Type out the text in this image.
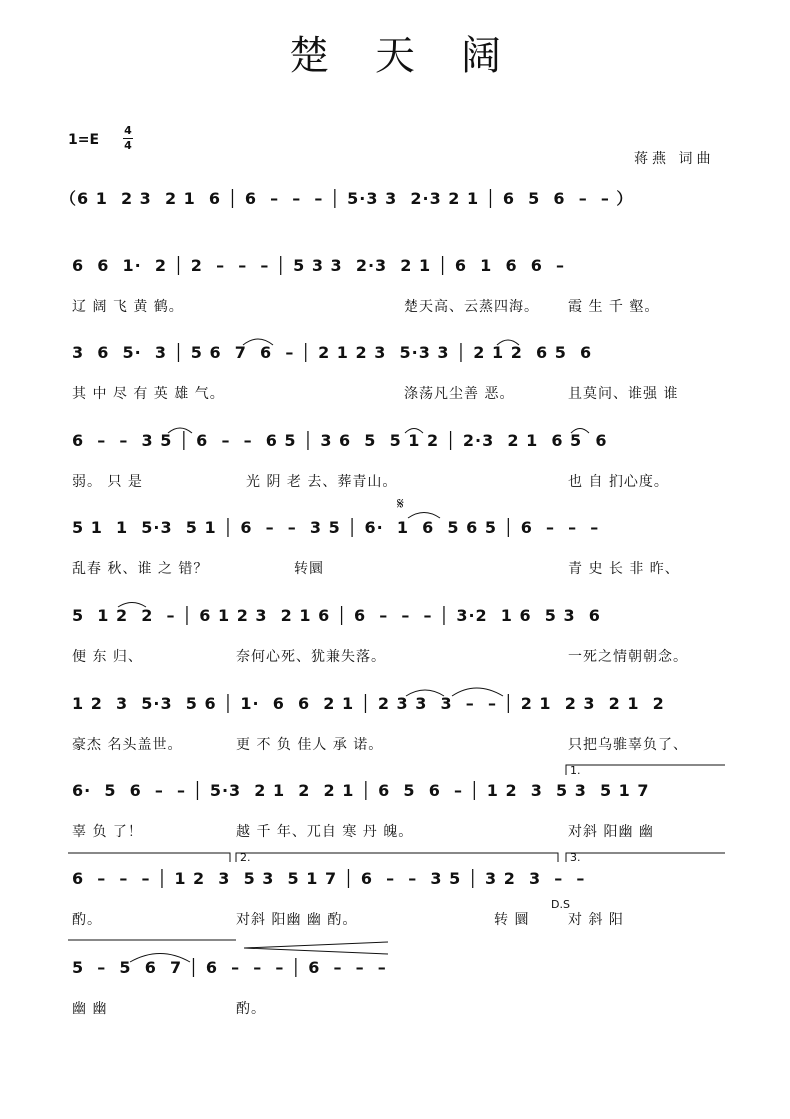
楚天阔
1=E
4
4
蒋燕 词曲
（6 1  2 3  2 1  6 │ 6  –  –  – │ 5·3 3  2·3 2 1 │ 6  5  6  –  – ）
6  6  1·  2 │ 2  –  –  – │ 5 3 3  2·3  2 1 │ 6  1  6  6  –
辽 阔 飞 黄 鹤。	楚天高、云蒸四海。 霞 生 千 壑。
3  6  5·  3 │ 5 6  7  6  – │ 2 1 2 3  5·3 3 │ 2 1 2  6 5  6
其 中 尽 有 英 雄 气。	涤荡凡尘善 恶。	且莫问、谁强 谁
6  –  –  3 5 │ 6  –  –  6 5 │ 3 6  5  5 1 2 │ 2·3  2 1  6 5  6
弱。 只 是	光 阴 老 去、葬青山。	也 自 扪心度。
5 1  1  5·3  5 1 │ 6  –  –  3 5 │ 6·  1  6  5 6 5 │ 6  –  –  –
乱春 秋、谁 之 错？	转圜	青 史 长 非 昨、
5  1 2  2  – │ 6 1 2 3  2 1 6 │ 6  –  –  – │ 3·2  1 6  5 3  6
便 东 归、	奈何心死、犹兼失落。	一死之情朝朝念。
1 2  3  5·3  5 6 │ 1·  6  6  2 1 │ 2 3 3  3  –  – │ 2 1  2 3  2 1  2
豪杰 名头盖世。	更 不 负 佳人 承 诺。	只把乌骓辜负了、
6·  5  6  –  – │ 5·3  2 1  2  2 1 │ 6  5  6  – │ 1 2  3  5 3  5 1 7
辜 负 了！	越 千 年、兀自 寒 丹 魄。	对斜 阳幽 幽
6  –  –  – │ 1 2  3  5 3  5 1 7 │ 6  –  –  3 5 │ 3 2  3  –  –
酌。	对斜 阳幽 幽 酌。	转 圜	对 斜 阳
5  –  5  6  7 │ 6  –  –  – │ 6  –  –  –
幽 幽	酌。
D.S
𝄋
1.
2.	3.
